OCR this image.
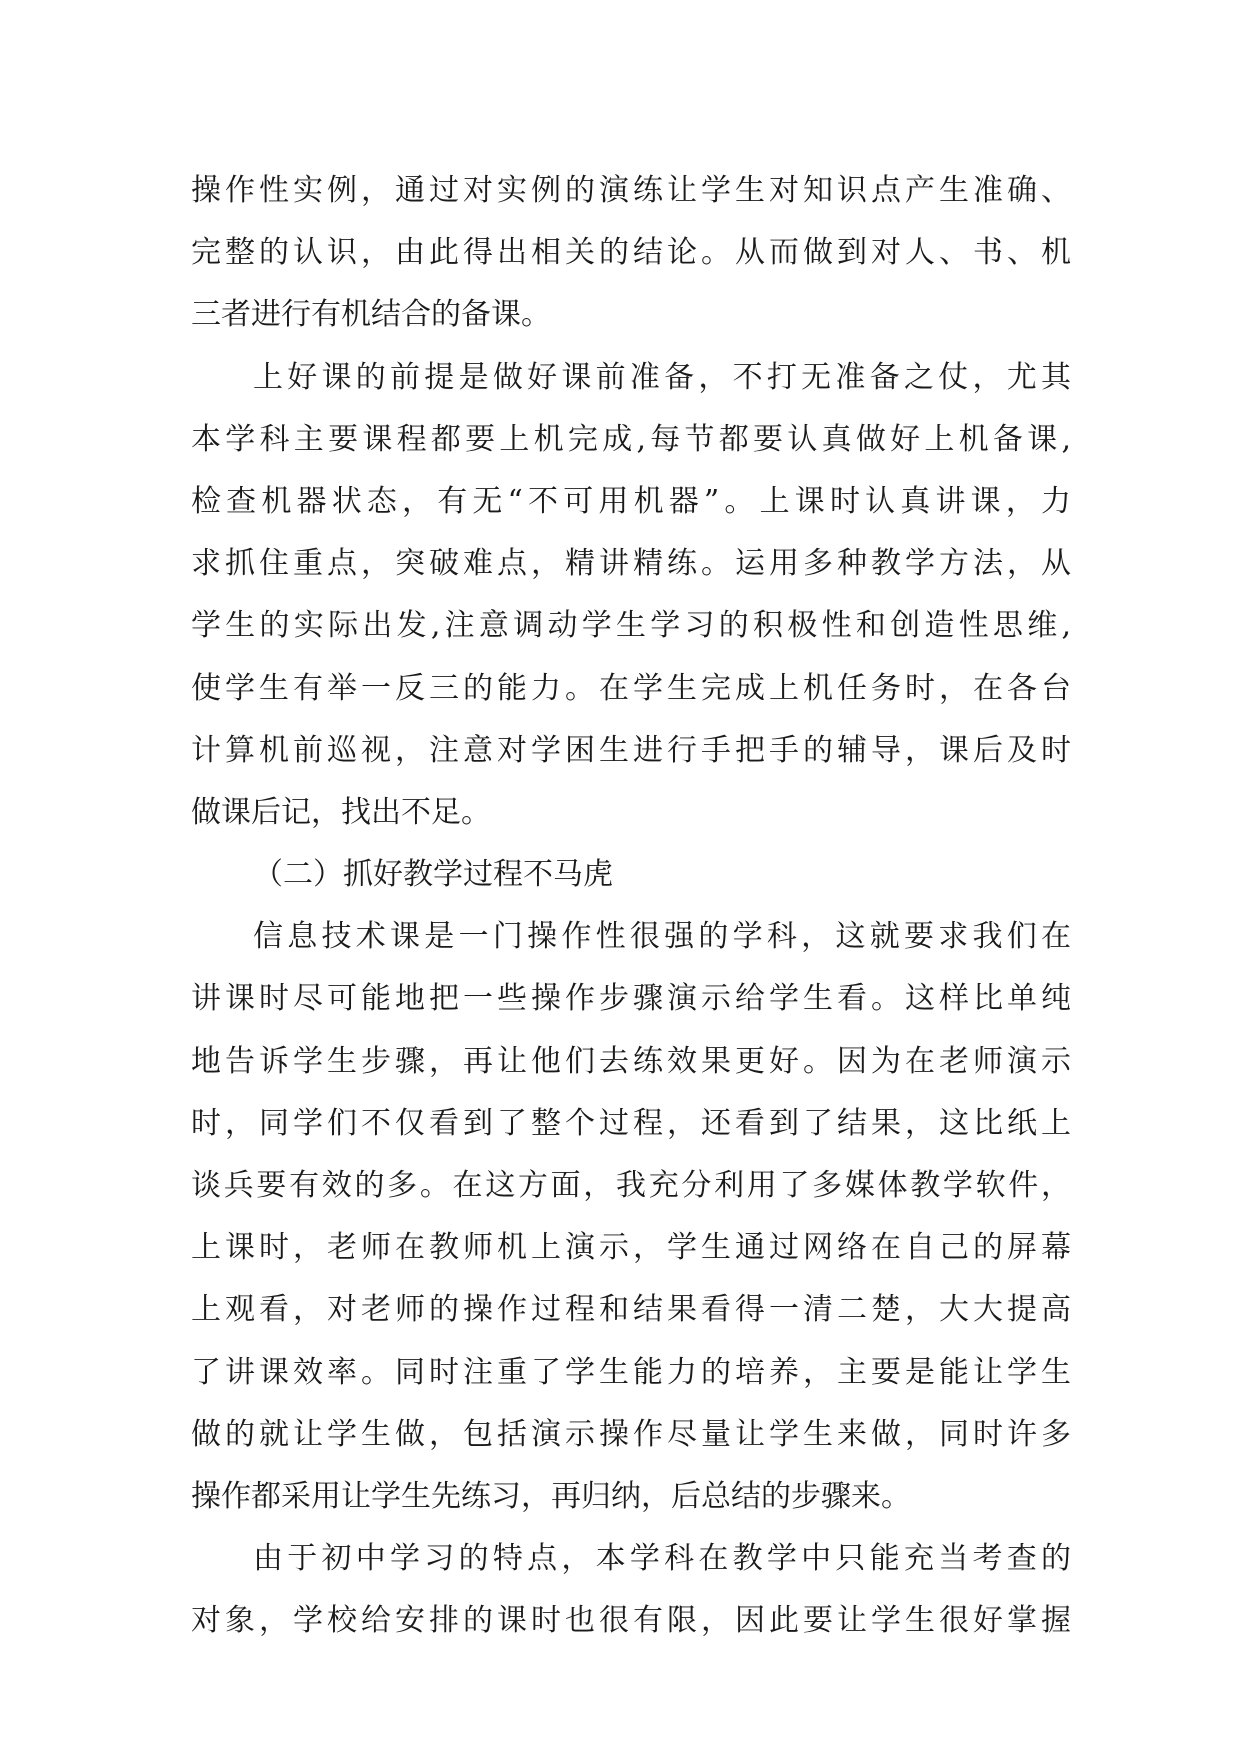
操作性实例，通过对实例的演练让学生对知识点产生准确、
完整的认识，由此得出相关的结论。从而做到对人、书、机
三者进行有机结合的备课。
上好课的前提是做好课前准备，不打无准备之仗，尤其
本学科主要课程都要上机完成,每节都要认真做好上机备课,
检查机器状态，有无“不可用机器”。上课时认真讲课，力
求抓住重点，突破难点，精讲精练。运用多种教学方法，从
学生的实际出发,注意调动学生学习的积极性和创造性思维,
使学生有举一反三的能力。在学生完成上机任务时，在各台
计算机前巡视，注意对学困生进行手把手的辅导，课后及时
做课后记，找出不足。
（二）抓好教学过程不马虎
信息技术课是一门操作性很强的学科，这就要求我们在
讲课时尽可能地把一些操作步骤演示给学生看。这样比单纯
地告诉学生步骤，再让他们去练效果更好。因为在老师演示
时，同学们不仅看到了整个过程，还看到了结果，这比纸上
谈兵要有效的多。在这方面，我充分利用了多媒体教学软件，
上课时，老师在教师机上演示，学生通过网络在自己的屏幕
上观看，对老师的操作过程和结果看得一清二楚，大大提高
了讲课效率。同时注重了学生能力的培养，主要是能让学生
做的就让学生做，包括演示操作尽量让学生来做，同时许多
操作都采用让学生先练习，再归纳，后总结的步骤来。
由于初中学习的特点，本学科在教学中只能充当考查的
对象，学校给安排的课时也很有限，因此要让学生很好掌握
